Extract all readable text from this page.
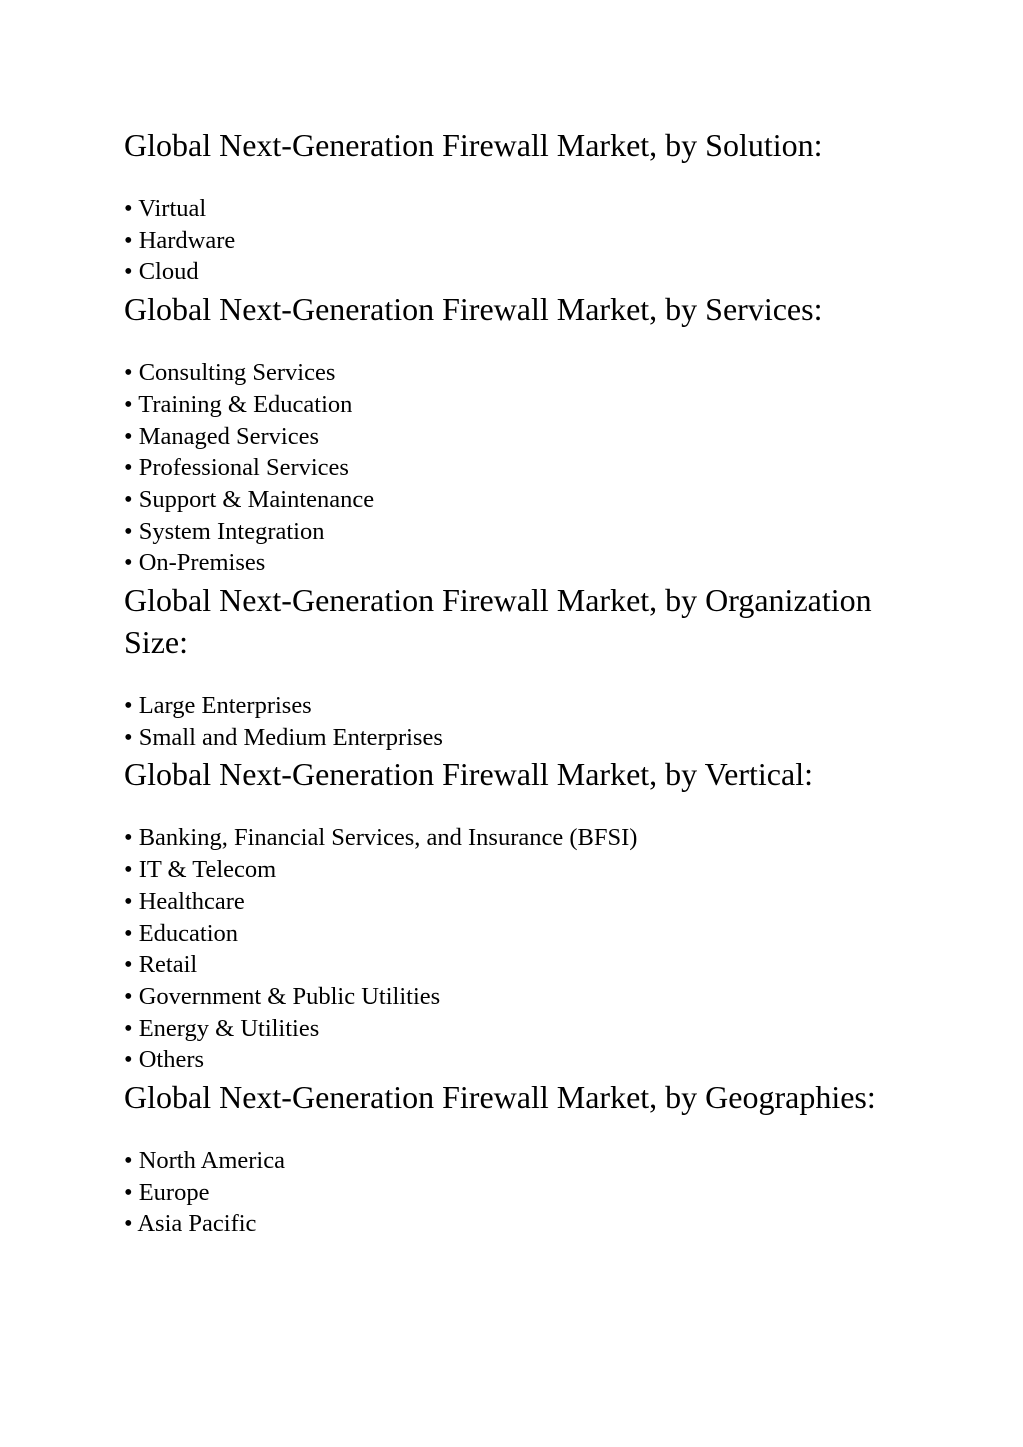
Global Next-Generation Firewall Market, by Solution:
• Virtual
• Hardware
• Cloud
Global Next-Generation Firewall Market, by Services:
• Consulting Services
• Training & Education
• Managed Services
• Professional Services
• Support & Maintenance
• System Integration
• On-Premises
Global Next-Generation Firewall Market, by Organization Size:
• Large Enterprises
• Small and Medium Enterprises
Global Next-Generation Firewall Market, by Vertical:
• Banking, Financial Services, and Insurance (BFSI)
• IT & Telecom
• Healthcare
• Education
• Retail
• Government & Public Utilities
• Energy & Utilities
• Others
Global Next-Generation Firewall Market, by Geographies:
• North America
• Europe
• Asia Pacific
